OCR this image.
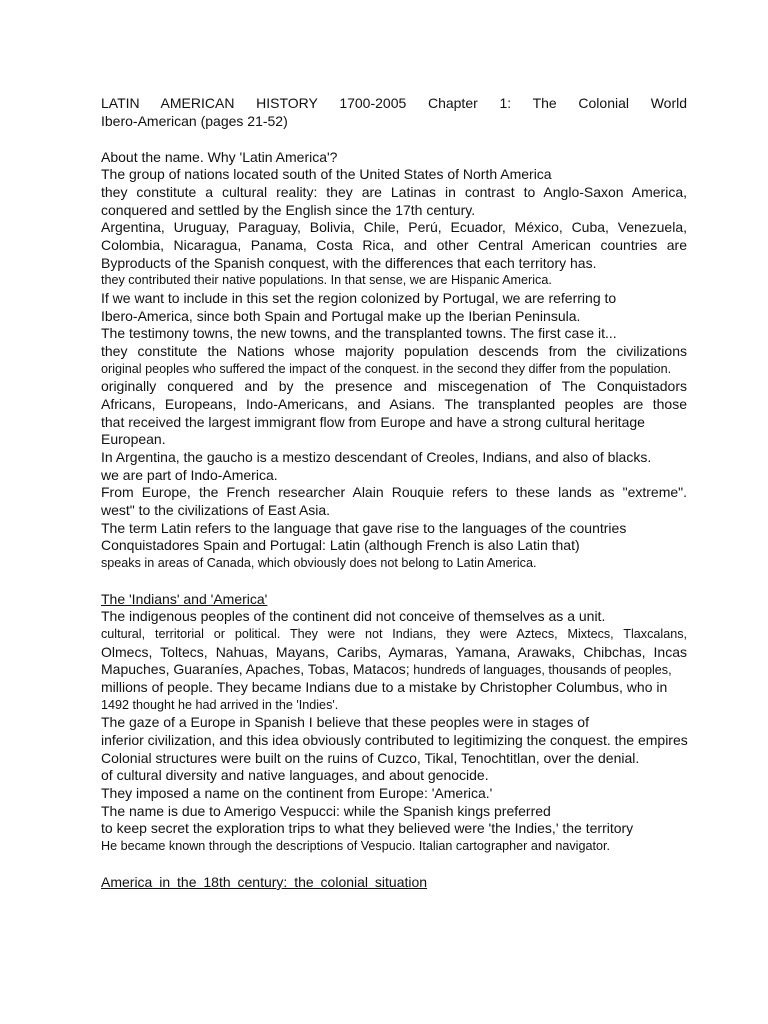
LATIN AMERICAN HISTORY 1700-2005 Chapter 1: The Colonial World
Ibero-American (pages 21-52)
About the name. Why 'Latin America'?
The group of nations located south of the United States of North America
they constitute a cultural reality: they are Latinas in contrast to Anglo-Saxon America,
conquered and settled by the English since the 17th century.
Argentina, Uruguay, Paraguay, Bolivia, Chile, Perú, Ecuador, México, Cuba, Venezuela,
Colombia, Nicaragua, Panama, Costa Rica, and other Central American countries are
Byproducts of the Spanish conquest, with the differences that each territory has.
they contributed their native populations. In that sense, we are Hispanic America.
If we want to include in this set the region colonized by Portugal, we are referring to
Ibero-America, since both Spain and Portugal make up the Iberian Peninsula.
The testimony towns, the new towns, and the transplanted towns. The first case it...
they constitute the Nations whose majority population descends from the civilizations
original peoples who suffered the impact of the conquest. in the second they differ from the population.
originally conquered and by the presence and miscegenation of The Conquistadors
Africans, Europeans, Indo-Americans, and Asians. The transplanted peoples are those
that received the largest immigrant flow from Europe and have a strong cultural heritage
European.
In Argentina, the gaucho is a mestizo descendant of Creoles, Indians, and also of blacks.
we are part of Indo-America.
From Europe, the French researcher Alain Rouquie refers to these lands as "extreme".
west" to the civilizations of East Asia.
The term Latin refers to the language that gave rise to the languages of the countries
Conquistadores Spain and Portugal: Latin (although French is also Latin that)
speaks in areas of Canada, which obviously does not belong to Latin America.
The 'Indians' and 'America'
The indigenous peoples of the continent did not conceive of themselves as a unit.
cultural, territorial or political. They were not Indians, they were Aztecs, Mixtecs, Tlaxcalans,
Olmecs, Toltecs, Nahuas, Mayans, Caribs, Aymaras, Yamana, Arawaks, Chibchas, Incas
Mapuches, Guaraníes, Apaches, Tobas, Matacos; hundreds of languages, thousands of peoples,
millions of people. They became Indians due to a mistake by Christopher Columbus, who in
1492 thought he had arrived in the 'Indies'.
The gaze of a Europe in Spanish I believe that these peoples were in stages of
inferior civilization, and this idea obviously contributed to legitimizing the conquest. the empires
Colonial structures were built on the ruins of Cuzco, Tikal, Tenochtitlan, over the denial.
of cultural diversity and native languages, and about genocide.
They imposed a name on the continent from Europe: 'America.'
The name is due to Amerigo Vespucci: while the Spanish kings preferred
to keep secret the exploration trips to what they believed were 'the Indies,' the territory
He became known through the descriptions of Vespucio. Italian cartographer and navigator.
America in the 18th century: the colonial situation
